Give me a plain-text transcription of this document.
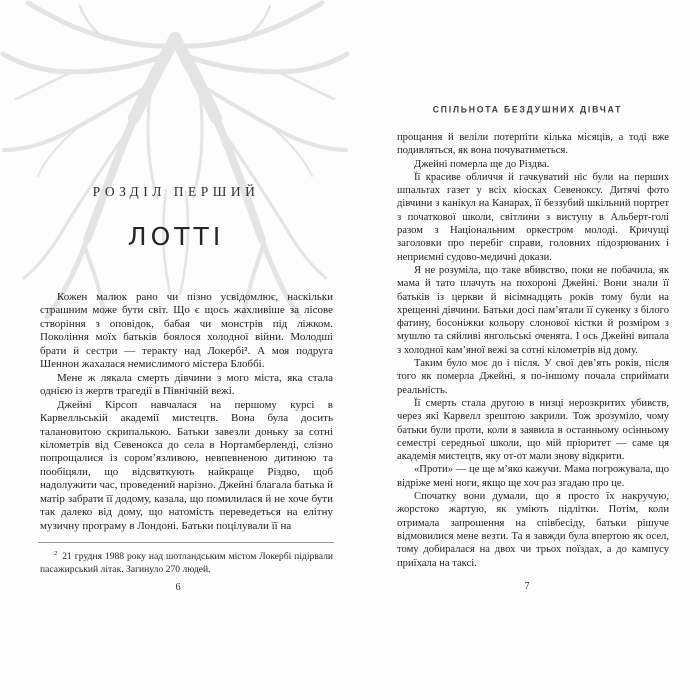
РОЗДІЛ ПЕРШИЙ
ЛОТТІ

Кожен малюк рано чи пізно усвідомлює, наскільки страшним може бути світ. Що є щось жахливіше за лісове створіння з оповідок, бабая чи монстрів під ліжком. Покоління моїх батьків боялося холодної війни. Молодші брати й сестри — теракту над Локербі². А моя подруга Шеннон жахалася немислимого містера Блоббі.

Мене ж лякала смерть дівчини з мого міста, яка стала однією із жертв трагедії в Північній вежі.

Джейні Кірсоп навчалася на першому курсі в Карвелльській академії мистецтв. Вона була досить талановитою скрипалькою. Батьки завезли доньку за сотні кілометрів від Севенокса до села в Нортамберленді, слізно попрощалися із сором’язливою, невпевненою дитиною та пообіцяли, що відсвяткують найкраще Різдво, щоб надолужити час, проведений нарізно. Джейні благала батька й матір забрати її додому, казала, що помилилася й не хоче бути так далеко від дому, що натомість переведеться на елітну музичну програму в Лондоні. Батьки поцілували її на

$^2$ 21 грудня 1988 року над шотландським містом Локербі підірвали пасажирський літак. Загинуло 270 людей.

6
СПІЛЬНОТА БЕЗДУШНИХ ДІВЧАТ

прощання й веліли потерпіти кілька місяців, а тоді вже подивляться, як вона почуватиметься.

Джейні померла ще до Різдва.

Її красиве обличчя й гачкуватий ніс були на перших шпальтах газет у всіх кіосках Севеноксу. Дитячі фото дівчини з канікул на Канарах, її беззубий шкільний портрет з початкової школи, світлини з виступу в Альберт-голі разом з Національним оркестром молоді. Кричущі заголовки про перебіг справи, головних підозрюваних і неприємні судово-медичні докази.

Я не розуміла, що таке вбивство, поки не побачила, як мама й тато плачуть на похороні Джейні. Вони знали її батьків із церкви й вісімнадцять років тому були на хрещенні дівчини. Батьки досі пам’ятали її сукенку з білого фатину, босоніжки кольору слонової кістки й розміром з мушлю та сяйливі янгольські оченята. І ось Джейні випала з холодної кам’яної вежі за сотні кілометрів від дому.

Таким було моє до і після. У свої дев’ять років, після того як померла Джейні, я по-іншому почала сприймати реальність.

Її смерть стала другою в низці нерозкритих убивств, через які Карвелл зрештою закрили. Тож зрозуміло, чому батьки були проти, коли я заявила в останньому осінньому семестрі середньої школи, що мій пріоритет — саме ця академія мистецтв, яку от-от мали знову відкрити.

«Проти» — це ще м’яко кажучи. Мама погрожувала, що відріже мені ноги, якщо ще хоч раз згадаю про це.

Спочатку вони думали, що я просто їх накручую, жорстоко жартую, як уміють підлітки. Потім, коли отримала запрошення на співбесіду, батьки рішуче відмовилися мене везти. Та я завжди була впертою як осел, тому добиралася на двох чи трьох поїздах, а до кампусу приїхала на таксі.

7
